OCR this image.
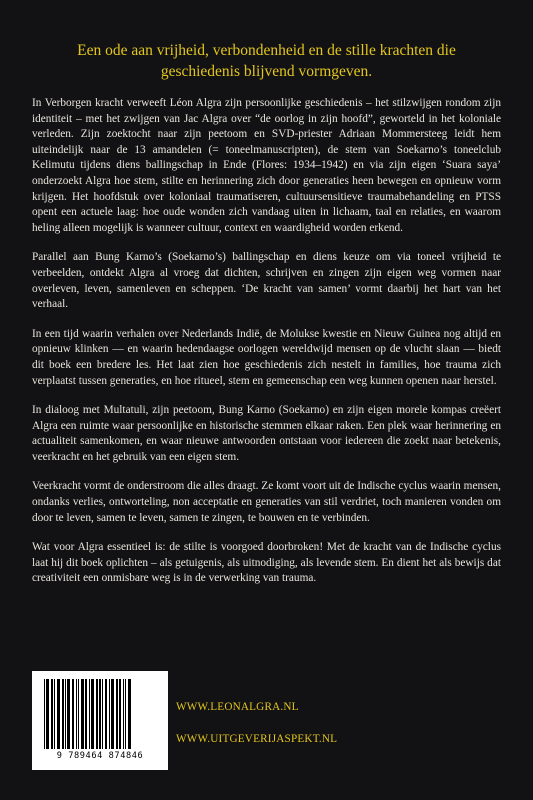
Een ode aan vrijheid, verbondenheid en de stille krachten die geschiedenis blijvend vormgeven.

In Verborgen kracht verweeft Léon Algra zijn persoonlijke geschiedenis – het stilzwijgen rondom zijn identiteit – met het zwijgen van Jac Algra over “de oorlog in zijn hoofd”, geworteld in het koloniale verleden. Zijn zoektocht naar zijn peetoom en SVD-priester Adriaan Mommersteeg leidt hem uiteindelijk naar de 13 amandelen (= toneelmanuscripten), de stem van Soekarno’s toneelclub Kelimutu tijdens diens ballingschap in Ende (Flores: 1934–1942) en via zijn eigen ‘Suara saya’ onderzoekt Algra hoe stem, stilte en herinnering zich door generaties heen bewegen en opnieuw vorm krijgen. Het hoofdstuk over koloniaal traumatiseren, cultuursensitieve traumabehandeling en PTSS opent een actuele laag: hoe oude wonden zich vandaag uiten in lichaam, taal en relaties, en waarom heling alleen mogelijk is wanneer cultuur, context en waardigheid worden erkend.

Parallel aan Bung Karno’s (Soekarno’s) ballingschap en diens keuze om via toneel vrijheid te verbeelden, ontdekt Algra al vroeg dat dichten, schrijven en zingen zijn eigen weg vormen naar overleven, leven, samenleven en scheppen. ‘De kracht van samen’ vormt daarbij het hart van het verhaal.

In een tijd waarin verhalen over Nederlands Indië, de Molukse kwestie en Nieuw Guinea nog altijd en opnieuw klinken — en waarin hedendaagse oorlogen wereldwijd mensen op de vlucht slaan — biedt dit boek een bredere les. Het laat zien hoe geschiedenis zich nestelt in families, hoe trauma zich verplaatst tussen generaties, en hoe ritueel, stem en gemeenschap een weg kunnen openen naar herstel.

In dialoog met Multatuli, zijn peetoom, Bung Karno (Soekarno) en zijn eigen morele kompas creëert Algra een ruimte waar persoonlijke en historische stemmen elkaar raken. Een plek waar herinnering en actualiteit samenkomen, en waar nieuwe antwoorden ontstaan voor iedereen die zoekt naar betekenis, veerkracht en het gebruik van een eigen stem.

Veerkracht vormt de onderstroom die alles draagt. Ze komt voort uit de Indische cyclus waarin mensen, ondanks verlies, ontworteling, non acceptatie en generaties van stil verdriet, toch manieren vonden om door te leven, samen te leven, samen te zingen, te bouwen en te verbinden.

Wat voor Algra essentieel is: de stilte is voorgoed doorbroken! Met de kracht van de Indische cyclus laat hij dit boek oplichten – als getuigenis, als uitnodiging, als levende stem. En dient het als bewijs dat creativiteit een onmisbare weg is in de verwerking van trauma.

9 789464 874846
WWW.LEONALGRA.NL
WWW.UITGEVERIJASPEKT.NL
